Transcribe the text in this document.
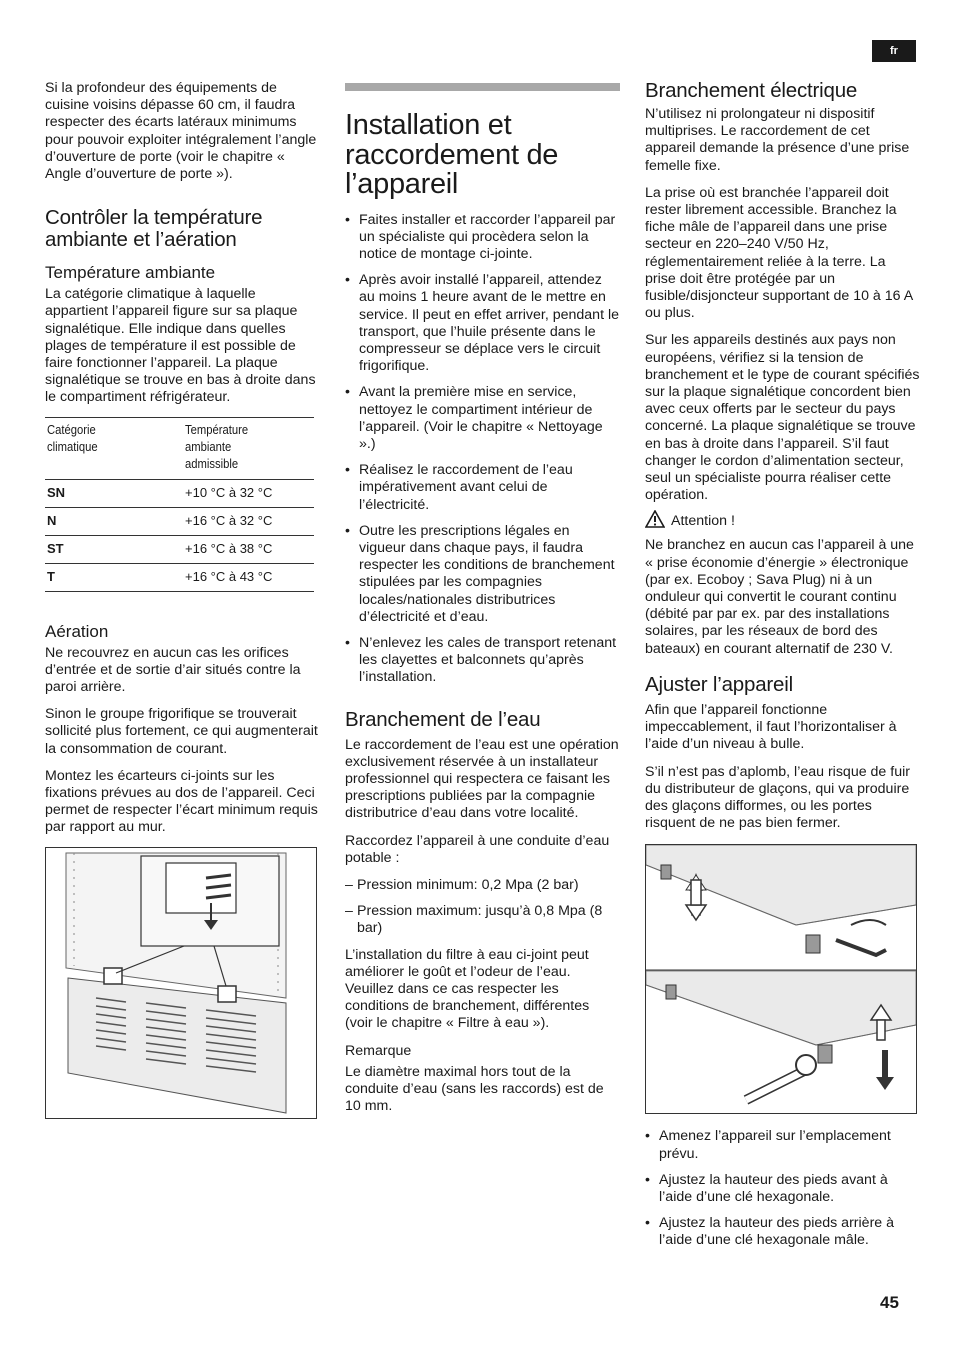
fr

Si la profondeur des équipements de cuisine voisins dépasse 60 cm, il faudra respecter des écarts latéraux minimums pour pouvoir exploiter intégralement l’angle d’ouverture de porte (voir le chapitre « Angle d’ouverture de porte »).

Contrôler la température ambiante et l’aération
Température ambiante

La catégorie climatique à laquelle appartient l’appareil figure sur sa plaque signalétique. Elle indique dans quelles plages de température il est possible de faire fonctionner l’appareil. La plaque signalétique se trouve en bas à droite dans le compartiment réfrigérateur.

Catégorie climatique	Température ambiante admissible
SN	+10 °C à 32 °C
N	+16 °C à 32 °C
ST	+16 °C à 38 °C
T	+16 °C à 43 °C
Aération

Ne recouvrez en aucun cas les orifices d’entrée et de sortie d’air situés contre la paroi arrière.

Sinon le groupe frigorifique se trouverait sollicité plus fortement, ce qui augmenterait la consommation de courant.

Montez les écarteurs ci-joints sur les fixations prévues au dos de l’appareil. Ceci permet de respecter l’écart minimum requis par rapport au mur.

Installation et raccordement de l’appareil
• Faites installer et raccorder l’appareil par un spécialiste qui procèdera selon la notice de montage ci-jointe.
• Après avoir installé l’appareil, attendez au moins 1 heure avant de le mettre en service. Il peut en effet arriver, pendant le transport, que l’huile présente dans le compresseur se déplace vers le circuit frigorifique.
• Avant la première mise en service, nettoyez le compartiment intérieur de l’appareil. (Voir le chapitre « Nettoyage ».)
• Réalisez le raccordement de l’eau impérativement avant celui de l’électricité.
• Outre les prescriptions légales en vigueur dans chaque pays, il faudra respecter les conditions de branchement stipulées par les compagnies locales/nationales distributrices d’électricité et d’eau.
• N’enlevez les cales de transport retenant les clayettes et balconnets qu’après l’installation.
Branchement de l’eau

Le raccordement de l’eau est une opération exclusivement réservée à un installateur professionnel qui respectera ce faisant les prescriptions publiées par la compagnie distributrice d’eau dans votre localité.

Raccordez l’appareil à une conduite d’eau potable :

– Pression minimum: 0,2 Mpa (2 bar)
– Pression maximum: jusqu’à 0,8 Mpa (8 bar)

L’installation du filtre à eau ci-joint peut améliorer le goût et l’odeur de l’eau. Veuillez dans ce cas respecter les conditions de branchement, différentes (voir le chapitre « Filtre à eau »).

Remarque

Le diamètre maximal hors tout de la conduite d’eau (sans les raccords) est de 10 mm.

Branchement électrique

N’utilisez ni prolongateur ni dispositif multiprises. Le raccordement de cet appareil demande la présence d’une prise femelle fixe.

La prise où est branchée l’appareil doit rester librement accessible. Branchez la fiche mâle de l’appareil dans une prise secteur en 220–240 V/50 Hz, réglementairement reliée à la terre. La prise doit être protégée par un fusible/disjoncteur supportant de 10 à 16 A ou plus.

Sur les appareils destinés aux pays non européens, vérifiez si la tension de branchement et le type de courant spécifiés sur la plaque signalétique concordent bien avec ceux offerts par le secteur du pays concerné. La plaque signalétique se trouve en bas à droite dans l’appareil. S’il faut changer le cordon d’alimentation secteur, seul un spécialiste pourra réaliser cette opération.

Attention !

Ne branchez en aucun cas l’appareil à une « prise économie d’énergie » électronique (par ex. Ecoboy ; Sava Plug) ni à un onduleur qui convertit le courant continu (débité par par ex. par des installations solaires, par les réseaux de bord des bateaux) en courant alternatif de 230 V.

Ajuster l’appareil

Afin que l’appareil fonctionne impeccablement, il faut l’horizontaliser à l’aide d’un niveau à bulle.

S’il n’est pas d’aplomb, l’eau risque de fuir du distributeur de glaçons, qui va produire des glaçons difformes, ou les portes risquent de ne pas bien fermer.

• Amenez l’appareil sur l’emplacement prévu.
• Ajustez la hauteur des pieds avant à l’aide d’une clé hexagonale.
• Ajustez la hauteur des pieds arrière à l’aide d’une clé hexagonale mâle.
45
